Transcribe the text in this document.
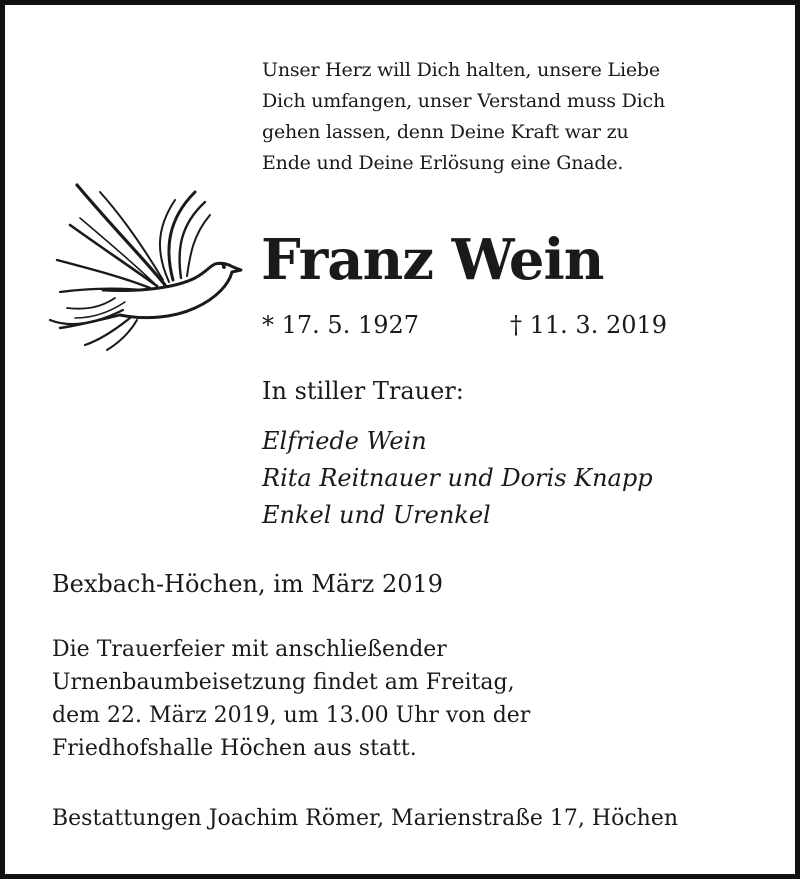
Unser Herz will Dich halten, unsere Liebe
Dich umfangen, unser Verstand muss Dich
gehen lassen, denn Deine Kraft war zu
Ende und Deine Erlösung eine Gnade.
Franz Wein
* 17. 5. 1927	† 11. 3. 2019
In stiller Trauer:
Elfriede Wein
Rita Reitnauer und Doris Knapp
Enkel und Urenkel
Bexbach-Höchen, im März 2019
Die Trauerfeier mit anschließender
Urnenbaumbeisetzung findet am Freitag,
dem 22. März 2019, um 13.00 Uhr von der
Friedhofshalle Höchen aus statt.
Bestattungen Joachim Römer, Marienstraße 17, Höchen
